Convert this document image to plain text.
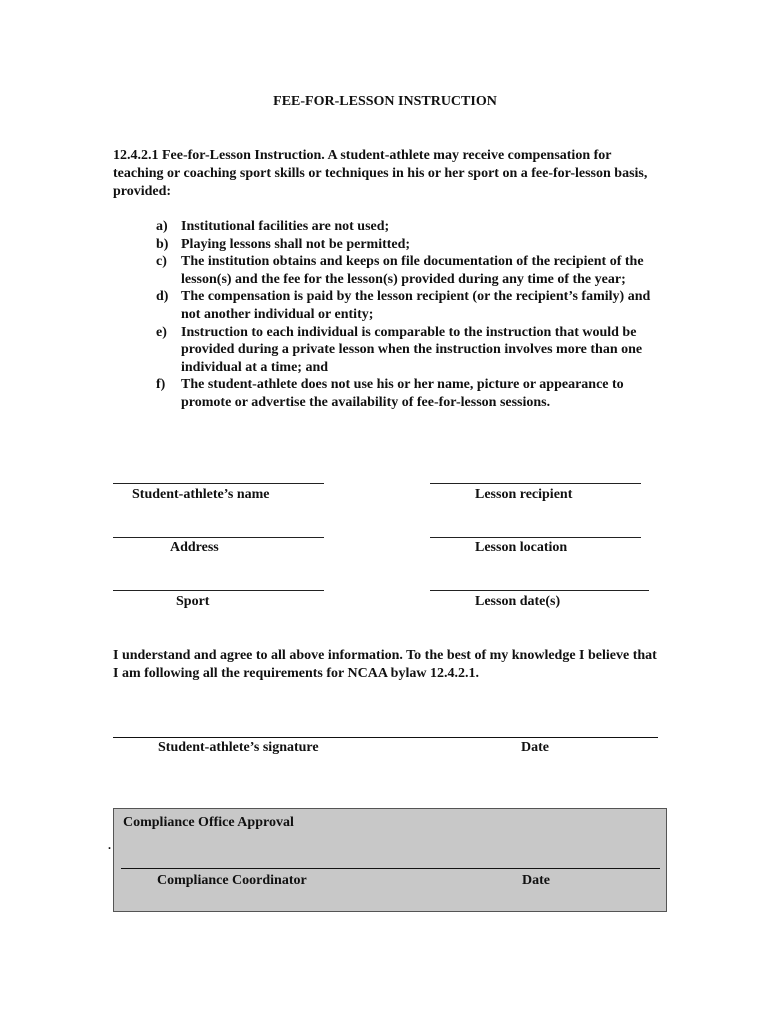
FEE-FOR-LESSON INSTRUCTION
12.4.2.1 Fee-for-Lesson Instruction. A student-athlete may receive compensation for teaching or coaching sport skills or techniques in his or her sport on a fee-for-lesson basis, provided:
a) Institutional facilities are not used;
b) Playing lessons shall not be permitted;
c)	The institution obtains and keeps on file documentation of the recipient of the lesson(s) and the fee for the lesson(s) provided during any time of the year;
d) The compensation is paid by the lesson recipient (or the recipient’s family) and not another individual or entity;
e)	Instruction to each individual is comparable to the instruction that would be provided during a private lesson when the instruction involves more than one individual at a time; and
f)	The student-athlete does not use his or her name, picture or appearance to promote or advertise the availability of fee-for-lesson sessions.
Student-athlete’s name	Lesson recipient
Address	Lesson location
Sport	Lesson date(s)
I understand and agree to all above information. To the best of my knowledge I believe that I am following all the requirements for NCAA bylaw 12.4.2.1.
Student-athlete’s signature	Date
Compliance Office Approval
.
Compliance Coordinator	Date
